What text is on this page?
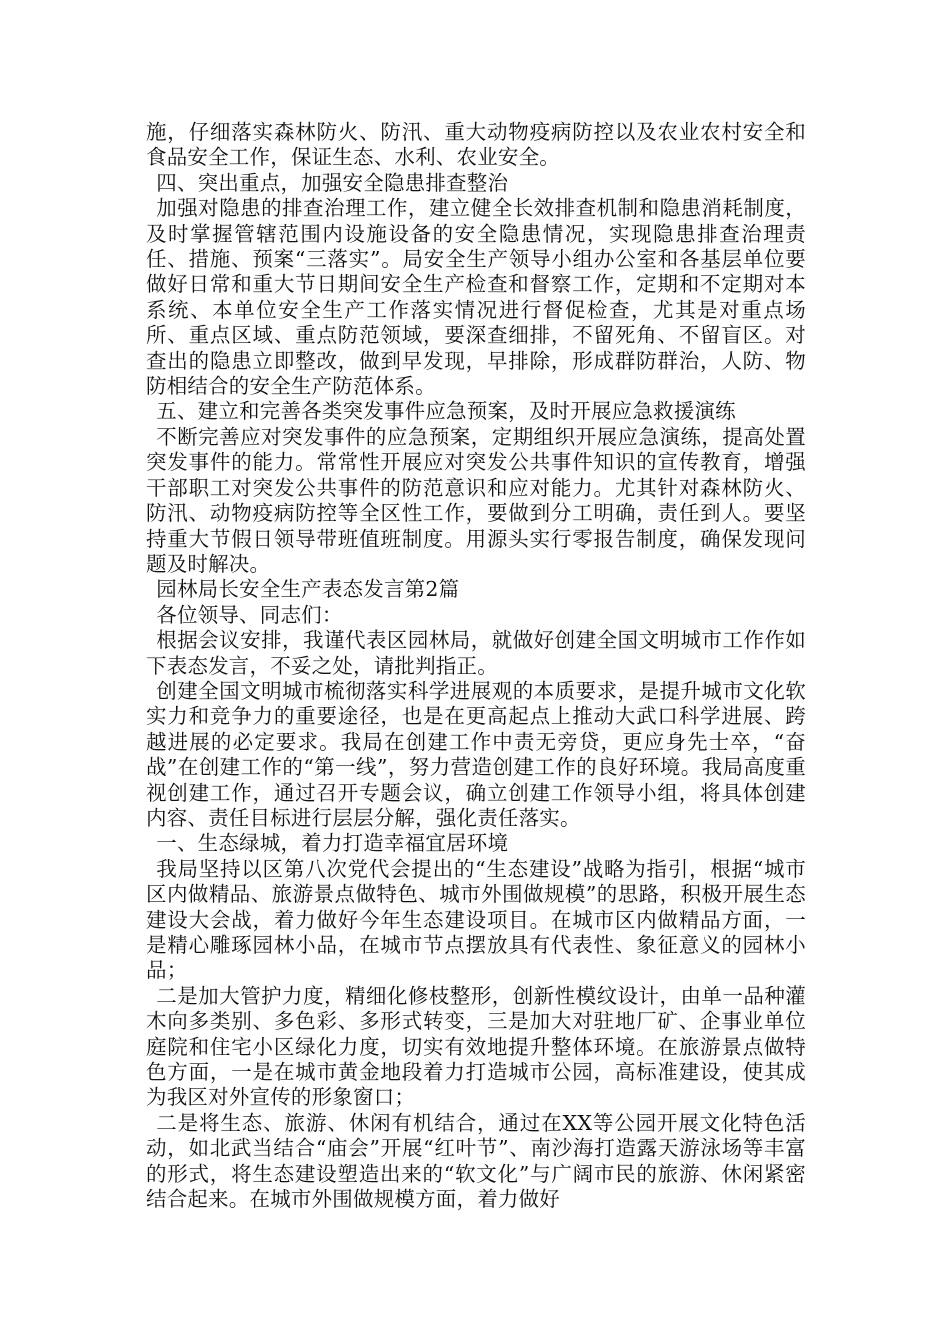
施，仔细落实森林防火、防汛、重大动物疫病防控以及农业农村安全和食品安全工作，保证生态、水利、农业安全。

四、突出重点，加强安全隐患排查整治

加强对隐患的排查治理工作，建立健全长效排查机制和隐患消耗制度，及时掌握管辖范围内设施设备的安全隐患情况，实现隐患排查治理责任、措施、预案“三落实”。局安全生产领导小组办公室和各基层单位要做好日常和重大节日期间安全生产检查和督察工作，定期和不定期对本系统、本单位安全生产工作落实情况进行督促检查，尤其是对重点场所、重点区域、重点防范领域，要深查细排，不留死角、不留盲区。对查出的隐患立即整改，做到早发现，早排除，形成群防群治，人防、物防相结合的安全生产防范体系。

五、建立和完善各类突发事件应急预案，及时开展应急救援演练

不断完善应对突发事件的应急预案，定期组织开展应急演练，提高处置突发事件的能力。常常性开展应对突发公共事件知识的宣传教育，增强干部职工对突发公共事件的防范意识和应对能力。尤其针对森林防火、防汛、动物疫病防控等全区性工作，要做到分工明确，责任到人。要坚持重大节假日领导带班值班制度。用源头实行零报告制度，确保发现问题及时解决。

园林局长安全生产表态发言第2篇

各位领导、同志们：

根据会议安排，我谨代表区园林局，就做好创建全国文明城市工作作如下表态发言，不妥之处，请批判指正。

创建全国文明城市梳彻落实科学进展观的本质要求，是提升城市文化软实力和竞争力的重要途径，也是在更高起点上推动大武口科学进展、跨越进展的必定要求。我局在创建工作中责无旁贷，更应身先士卒，“奋战”在创建工作的“第一线”，努力营造创建工作的良好环境。我局高度重视创建工作，通过召开专题会议，确立创建工作领导小组，将具体创建内容、责任目标进行层层分解，强化责任落实。

一、生态绿城，着力打造幸福宜居环境

我局坚持以区第八次党代会提出的“生态建设”战略为指引，根据“城市区内做精品、旅游景点做特色、城市外围做规模”的思路，积极开展生态建设大会战，着力做好今年生态建设项目。在城市区内做精品方面，一是精心雕琢园林小品，在城市节点摆放具有代表性、象征意义的园林小品；

二是加大管护力度，精细化修枝整形，创新性模纹设计，由单一品种灌木向多类别、多色彩、多形式转变，三是加大对驻地厂矿、企事业单位庭院和住宅小区绿化力度，切实有效地提升整体环境。在旅游景点做特色方面，一是在城市黄金地段着力打造城市公园，高标准建设，使其成为我区对外宣传的形象窗口；

二是将生态、旅游、休闲有机结合，通过在XX等公园开展文化特色活动，如北武当结合“庙会”开展“红叶节”、南沙海打造露天游泳场等丰富的形式，将生态建设塑造出来的“软文化”与广阔市民的旅游、休闲紧密结合起来。在城市外围做规模方面，着力做好
